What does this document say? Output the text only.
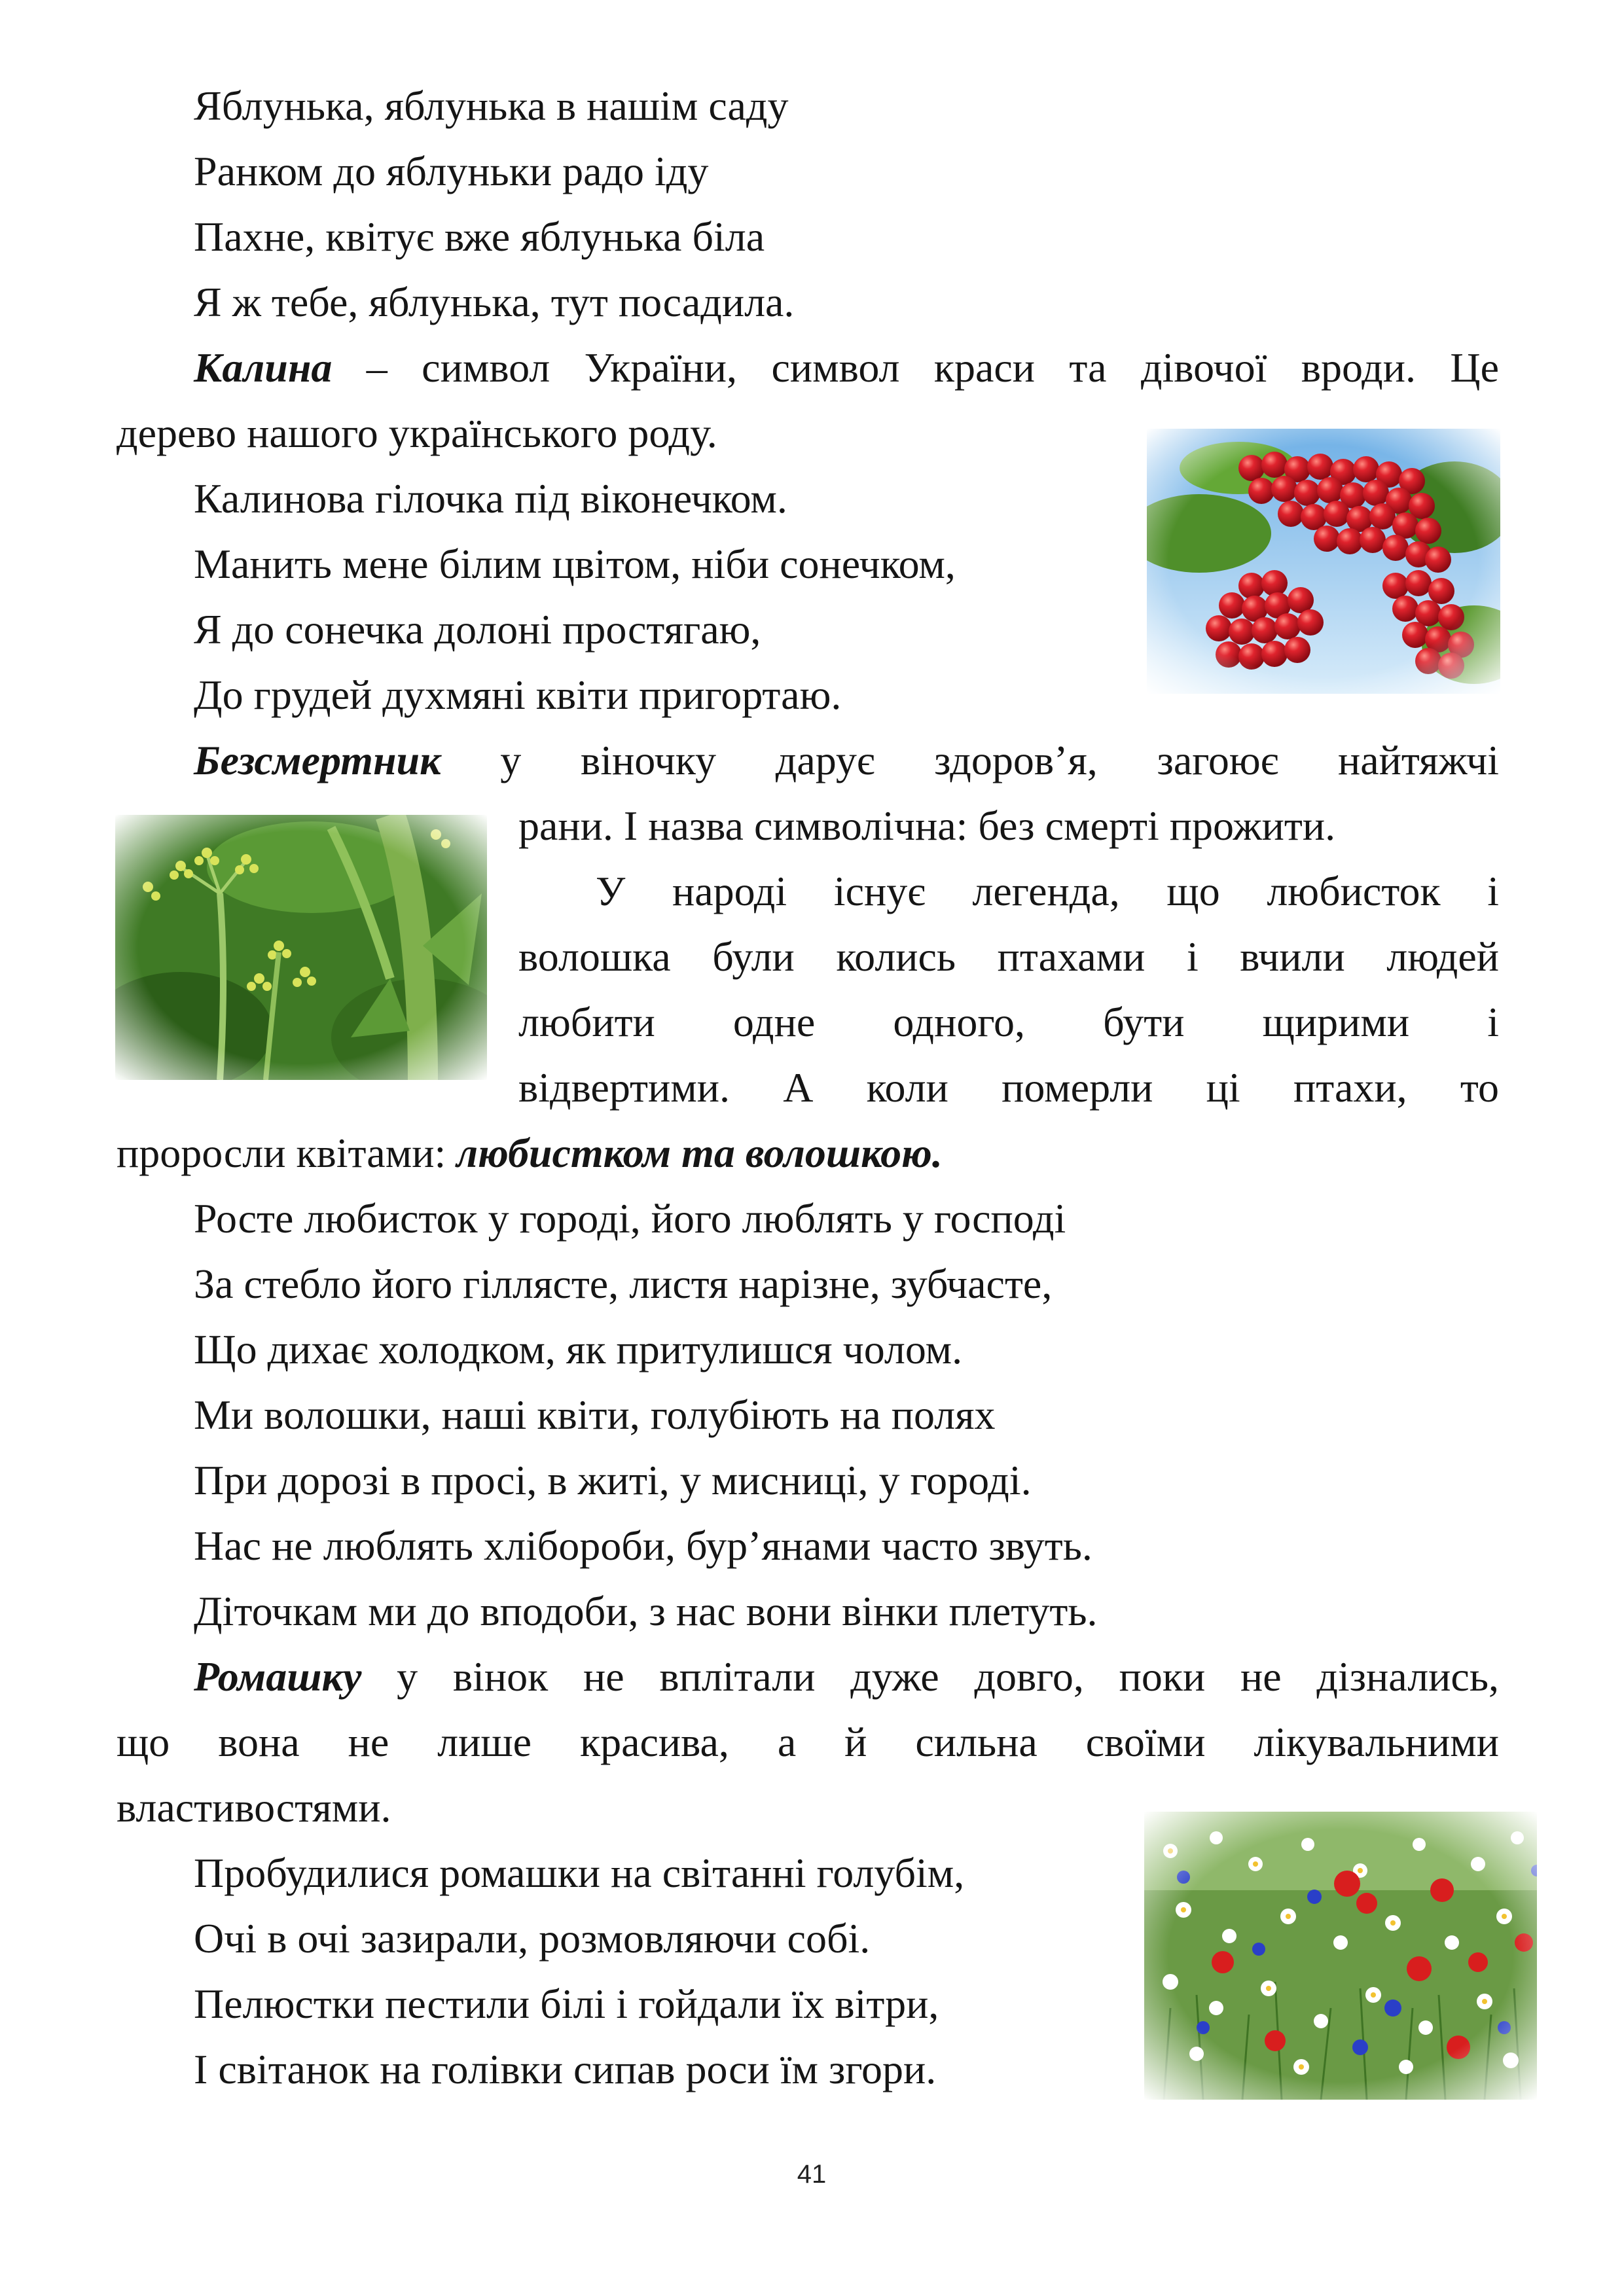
Яблунька, яблунька в нашім саду
Ранком до яблуньки радо іду
Пахне, квітує вже яблунька біла
Я ж тебе, яблунька, тут посадила.
Калина – символ України, символ краси та дівочої вроди. Це
дерево нашого українського роду.
Калинова гілочка під віконечком.
Манить мене білим цвітом, ніби сонечком,
Я до сонечка долоні простягаю,
До грудей духмяні квіти пригортаю.
Безсмертник у віночку дарує здоров’я, загоює найтяжчі
рани. І назва символічна: без смерті прожити.
У народі існує легенда, що любисток і
волошка були колись птахами і вчили людей
любити одне одного, бути щирими і
відвертими. А коли померли ці птахи, то
проросли квітами: любистком та волошкою.
Росте любисток у городі, його люблять у господі
За стебло його гіллясте, листя нарізне, зубчасте,
Що дихає холодком, як притулишся чолом.
Ми волошки, наші квіти, голубіють на полях
При дорозі в просі, в житі, у мисниці, у городі.
Нас не люблять хлібороби, бур’янами часто звуть.
Діточкам ми до вподоби, з нас вони вінки плетуть.
Ромашку у вінок не вплітали дуже довго, поки не дізнались,
що вона не лише красива, а й сильна своїми лікувальними
властивостями.
Пробудилися ромашки на світанні голубім,
Очі в очі зазирали, розмовляючи собі.
Пелюстки пестили білі і гойдали їх вітри,
І світанок на голівки сипав роси їм згори.
41
